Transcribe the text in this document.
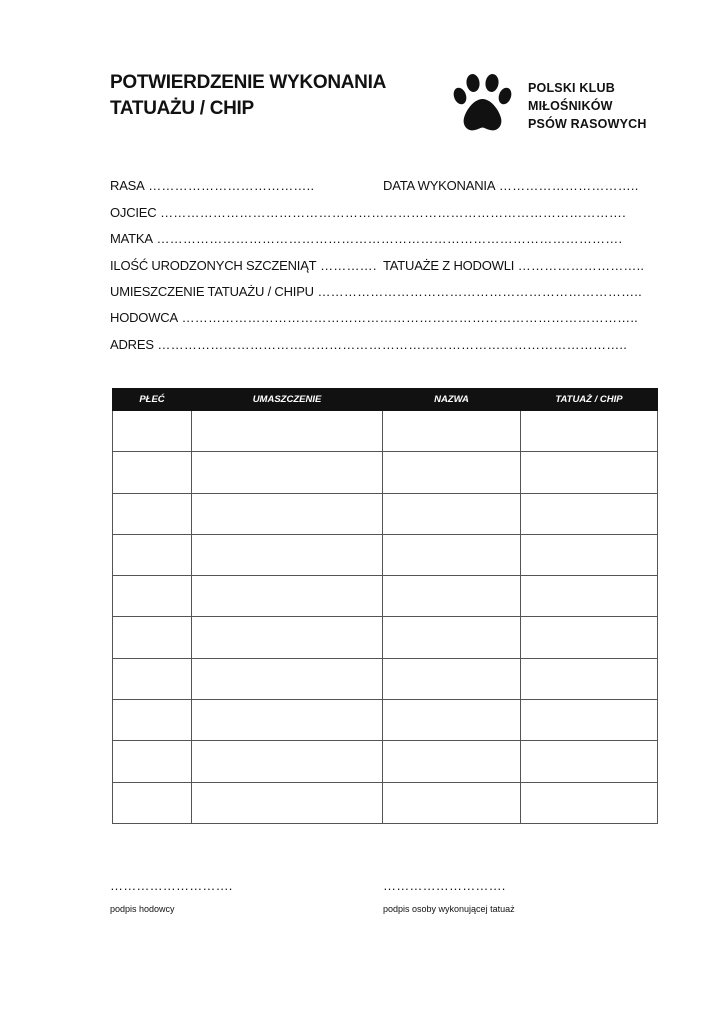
POTWIERDZENIE WYKONANIA
TATUAŻU / CHIP
POLSKI KLUB
MIŁOŚNIKÓW
PSÓW RASOWYCH
RASA ………………………………..	DATA WYKONANIA …………………………..
OJCIEC …………………………………………………………………………………………….
MATKA …………………………………………………………………………………………….
ILOŚĆ URODZONYCH SZCZENIĄT …………. TATUAŻE Z HODOWLI ………………………..
UMIESZCZENIE TATUAŻU / CHIPU ………………………………………………………………..
HODOWCA …………………………………………………………………………………………..
ADRES ……………………………………………………………………………………………..
PŁEĆ	UMASZCZENIE	NAZWA	TATUAŻ / CHIP

……………………….
podpis hodowcy
……………………….
podpis osoby wykonującej tatuaż
